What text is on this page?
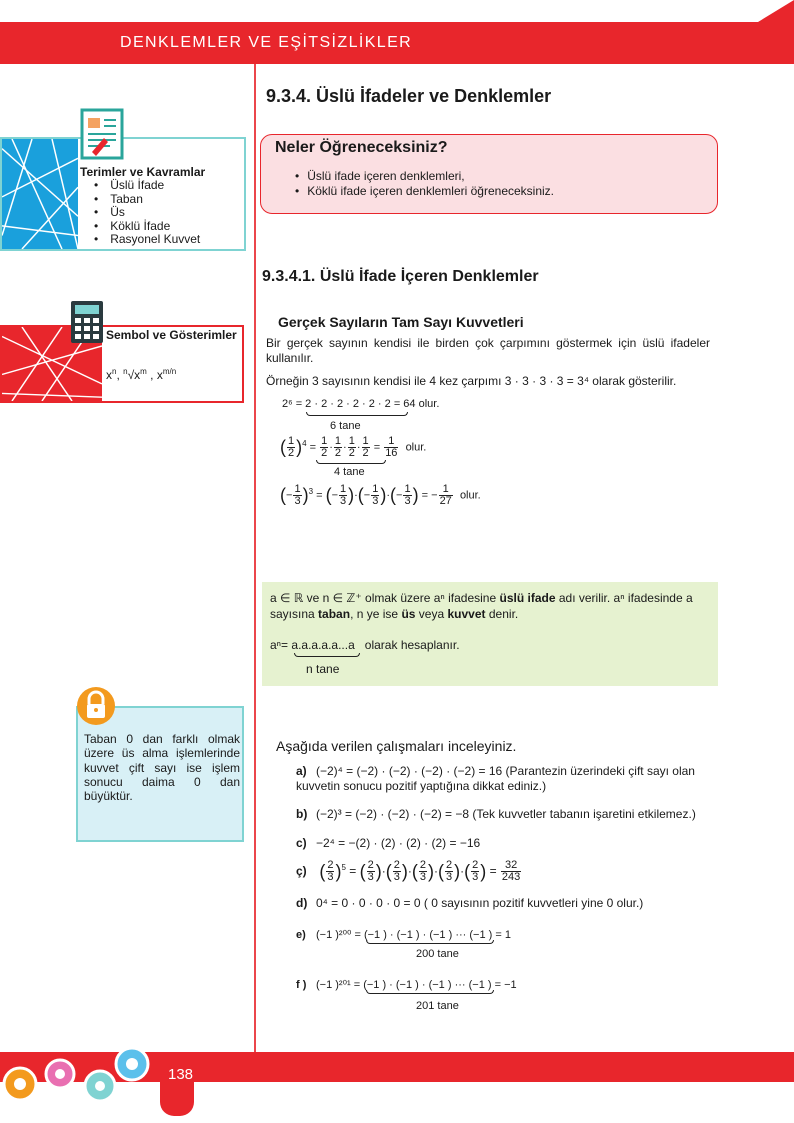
DENKLEMLER VE EŞİTSİZLİKLER
Terimler ve Kavramlar
• Üslü İfade
• Taban
• Üs
• Köklü İfade
• Rasyonel Kuvvet
Sembol ve Gösterimler
$x^n$, $^n√x^m$ , $x^{m/n}$
Taban 0 dan farklı olmak üzere üs alma işlemlerinde kuvvet çift sayı ise işlem sonucu daima 0 dan büyüktür.
9.3.4. Üslü İfadeler ve Denklemler
Neler Öğreneceksiniz?
• Üslü ifade içeren denklemleri,
• Köklü ifade içeren denklemleri öğreneceksiniz.
9.3.4.1. Üslü İfade İçeren Denklemler
Gerçek Sayıların Tam Sayı Kuvvetleri
Bir gerçek sayının kendisi ile birden çok çarpımını göstermek için üslü ifadeler kullanılır.
Örneğin 3 sayısının kendisi ile 4 kez çarpımı 3 · 3 · 3 · 3 = 3⁴ olarak gösterilir.
2⁶ = 2 · 2 · 2 · 2 · 2 · 2 = 64 olur.
6 tane
( $\frac{1}{2} )^4 = \frac{1}{2} \cdot \frac{1}{2} \cdot \frac{1}{2} \cdot \frac{1}{2} = \frac{1}{16}$ olur.
4 tane
(− $\frac{1}{3} )^3$ = (− $\frac{1}{3}$ )·(− $\frac{1}{3}$ )·(− $\frac{1}{3}$ ) = − $\frac{1}{27}$ olur.
a ∈ ℝ ve n ∈ ℤ⁺ olmak üzere aⁿ ifadesine üslü ifade adı verilir. aⁿ ifadesinde a sayısına taban, n ye ise üs veya kuvvet denir.
aⁿ= a.a.a.a.a...a olarak hesaplanır.
n tane
Aşağıda verilen çalışmaları inceleyiniz.
a) (−2)⁴ = (−2) · (−2) · (−2) · (−2) = 16 (Parantezin üzerindeki çift sayı olan kuvvetin sonucu pozitif yaptığına dikkat ediniz.)
b) (−2)³ = (−2) · (−2) · (−2) = −8 (Tek kuvvetler tabanın işaretini etkilemez.)
c) −2⁴ = −(2) · (2) · (2) · (2) = −16
ç) ( $\frac{2}{3} )^5$ = ( $\frac{2}{3}$ )·( $\frac{2}{3}$ )·( $\frac{2}{3}$ )·( $\frac{2}{3}$ )·( $\frac{2}{3}$ ) = $\frac{32}{243}$
d) 0⁴ = 0 · 0 · 0 · 0 = 0 ( 0 sayısının pozitif kuvvetleri yine 0 olur.)
e) (−1 )²⁰⁰ = (−1 ) · (−1 ) · (−1 ) ··· (−1 ) = 1
200 tane
f ) (−1 )²⁰¹ = (−1 ) · (−1 ) · (−1 ) ··· (−1 ) = −1
201 tane
138
